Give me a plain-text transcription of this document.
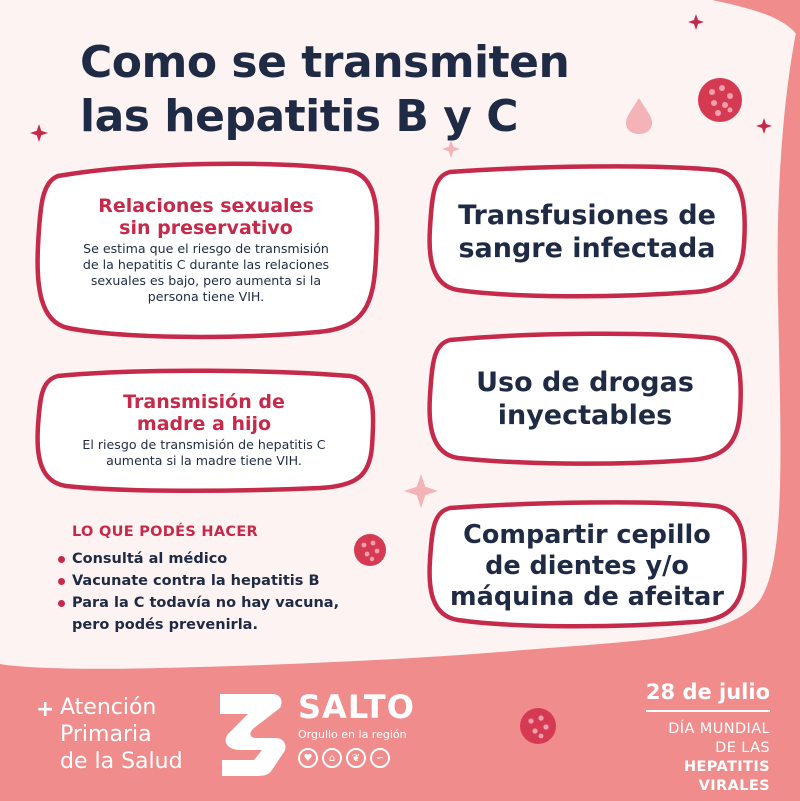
Como se transmiten
las hepatitis B y C
Relaciones sexuales
sin preservativo
Se estima que el riesgo de transmisión
de la hepatitis C durante las relaciones
sexuales es bajo, pero aumenta si la
persona tiene VIH.
Transmisión de
madre a hijo
El riesgo de transmisión de hepatitis C
aumenta si la madre tiene VIH.
Transfusiones de
sangre infectada
Uso de drogas
inyectables
Compartir cepillo
de dientes y/o
máquina de afeitar
LO QUE PODÉS HACER
Consultá al médico
Vacunate contra la hepatitis B
Para la C todavía no hay vacuna,
pero podés prevenirla.
+ Atención
Primaria
de la Salud
SALTO
Orgullo en la región
♥	⌂	❦	∽
28 de julio
DÍA MUNDIAL
DE LAS
HEPATITIS
VIRALES
